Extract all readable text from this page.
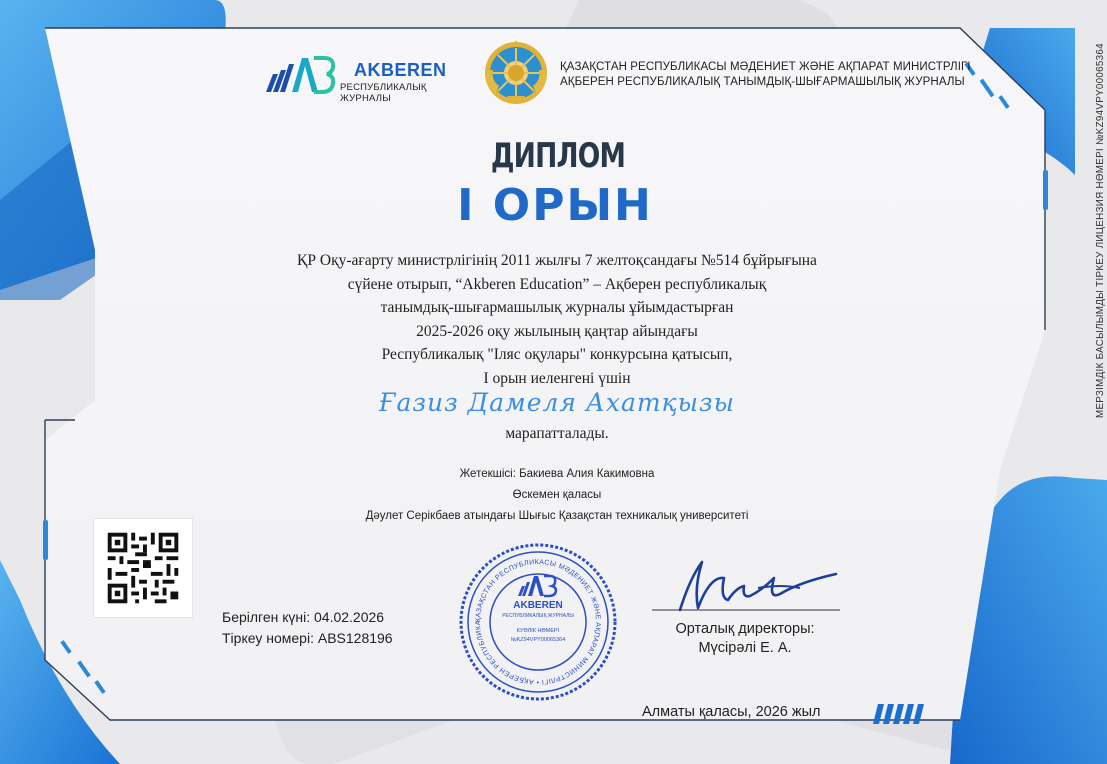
AKBEREN
РЕСПУБЛИКАЛЫҚ ЖУРНАЛЫ
ҚАЗАҚСТАН РЕСПУБЛИКАСЫ МӘДЕНИЕТ ЖӘНЕ АҚПАРАТ МИНИСТРЛІГІ
АҚБЕРЕН РЕСПУБЛИКАЛЫҚ ТАНЫМДЫҚ-ШЫҒАРМАШЫЛЫҚ ЖУРНАЛЫ
ДИПЛОМ
І ОРЫН
ҚР Оқу-ағарту министрлігінің 2011 жылғы 7 желтоқсандағы №514 бұйрығына
сүйене отырып, “Akberen Education” – Ақберен республикалық
танымдық-шығармашылық журналы ұйымдастырған
2025-2026 оқу жылының қаңтар айындағы
Республикалық "Іляс оқулары" конкурсына қатысып,
І орын иеленгені үшін
Ғазиз Дамеля Ахатқызы
марапатталады.
Жетекшісі: Бакиева Алия Какимовна
Өскемен қаласы
Дәулет Серікбаев атындағы Шығыс Қазақстан техникалық университеті
Берілген күні: 04.02.2026
Тіркеу номері: ABS128196
ҚАЗАҚСТАН РЕСПУБЛИКАСЫ МӘДЕНИЕТ ЖӘНЕ АҚПАРАТ МИНИСТРЛІГІ • АҚБЕРЕН РЕСПУБЛИКА
AKBEREN
РЕСПУБЛИКАЛЫҚ ЖУРНАЛЫ
КУӘЛІК НӨМЕРІ
№KZ94VPY00065364
Орталық директоры:
Мүсірәлі Е. А.
Алматы қаласы, 2026 жыл
МЕРЗІМДІК БАСЫЛЫМДЫ ТІРКЕУ ЛИЦЕНЗИЯ НӨМЕРІ №KZ94VPY00065364
